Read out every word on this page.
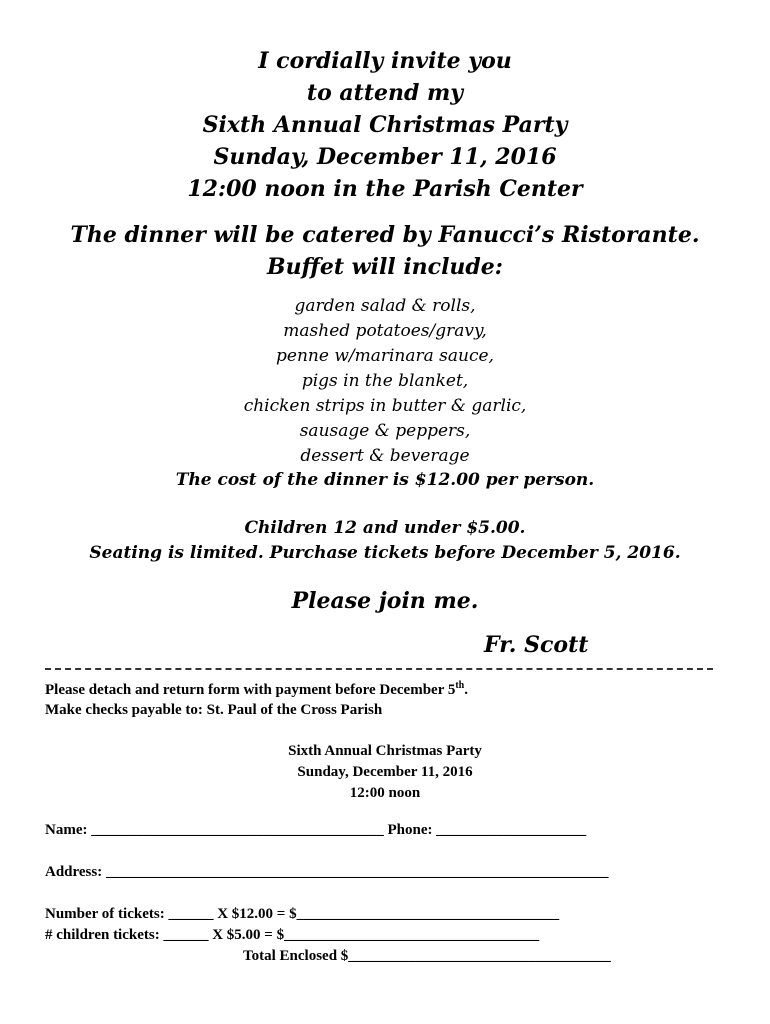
I cordially invite you
to attend my
Sixth Annual Christmas Party
Sunday, December 11, 2016
12:00 noon in the Parish Center
The dinner will be catered by Fanucci’s Ristorante.
Buffet will include:
garden salad & rolls,
mashed potatoes/gravy,
penne w/marinara sauce,
pigs in the blanket,
chicken strips in butter & garlic,
sausage & peppers,
dessert & beverage
The cost of the dinner is $12.00 per person.
Children 12 and under $5.00.
Seating is limited. Purchase tickets before December 5, 2016.
Please join me.
Fr. Scott
Please detach and return form with payment before December 5th.
Make checks payable to: St. Paul of the Cross Parish
Sixth Annual Christmas Party
Sunday, December 11, 2016
12:00 noon
Name: _______________________________________ Phone: ____________________
Address: ___________________________________________________________________
Number of tickets: ______ X $12.00 = $___________________________________
# children tickets: ______ X $5.00 = $__________________________________
Total Enclosed $___________________________________
